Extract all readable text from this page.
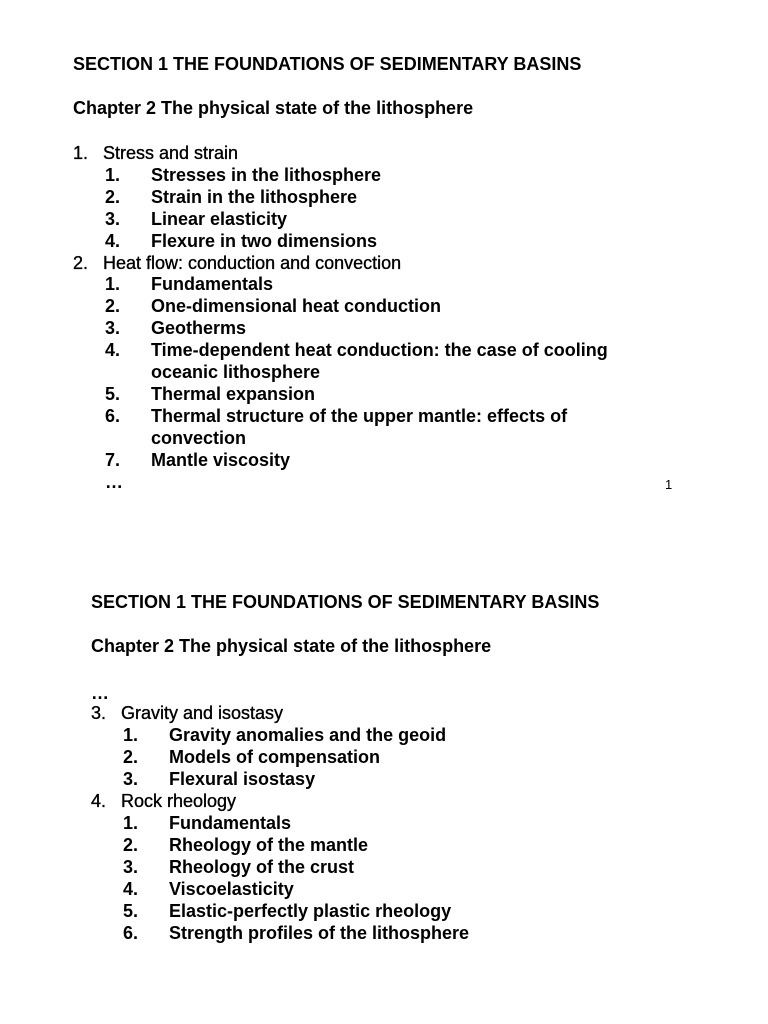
SECTION 1 THE FOUNDATIONS OF SEDIMENTARY BASINS
Chapter 2 The physical state of the lithosphere
1. Stress and strain
1. Stresses in the lithosphere
2. Strain in the lithosphere
3. Linear elasticity
4. Flexure in two dimensions
2. Heat flow: conduction and convection
1. Fundamentals
2. One-dimensional heat conduction
3. Geotherms
4. Time-dependent heat conduction: the case of cooling
oceanic lithosphere
5. Thermal expansion
6. Thermal structure of the upper mantle: effects of
convection
7. Mantle viscosity
…	1
SECTION 1 THE FOUNDATIONS OF SEDIMENTARY BASINS
Chapter 2 The physical state of the lithosphere
…
3. Gravity and isostasy
1. Gravity anomalies and the geoid
2. Models of compensation
3. Flexural isostasy
4. Rock rheology
1. Fundamentals
2. Rheology of the mantle
3. Rheology of the crust
4. Viscoelasticity
5. Elastic-perfectly plastic rheology
6. Strength profiles of the lithosphere
